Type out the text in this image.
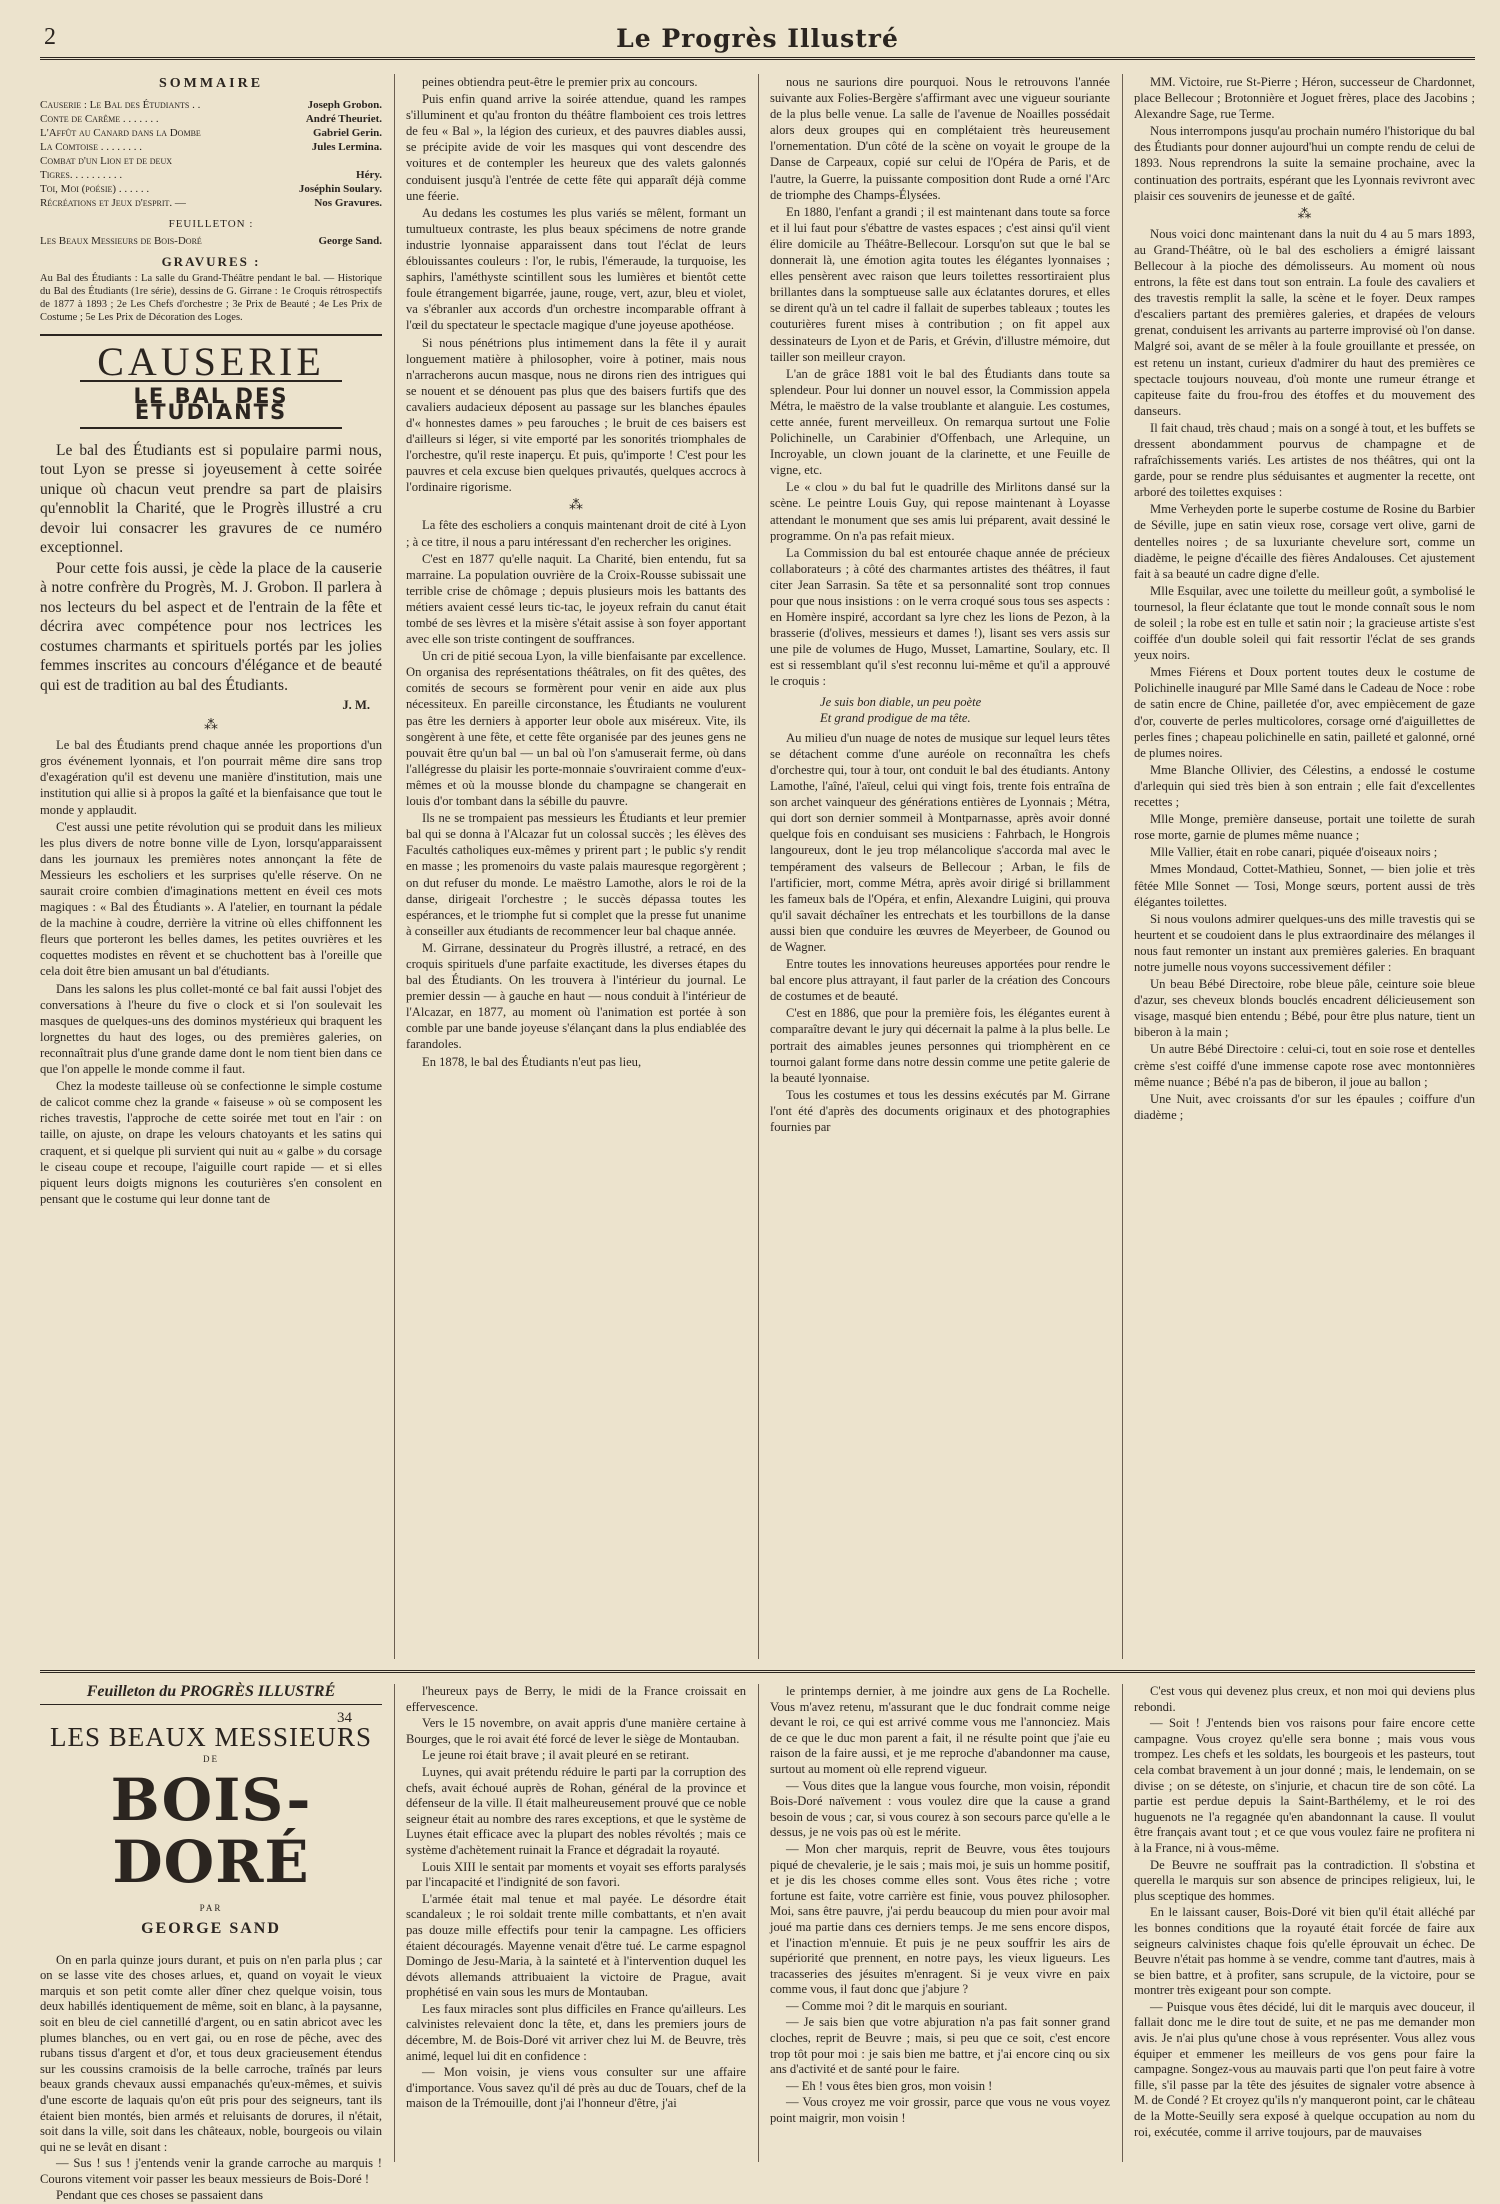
2	Le Progrès Illustré
SOMMAIRE
Causerie : Le Bal des Étudiants . .	Joseph Grobon.
Conte de Carême . . . . . . .	André Theuriet.
L'Affût au Canard dans la Dombe	Gabriel Gerin.
La Comtoise . . . . . . . .	Jules Lermina.
Combat d'un Lion et de deux
Tigres. . . . . . . . . .	Héry.
Toi, Moi (poésie) . . . . . .	Joséphin Soulary.
Récréations et Jeux d'esprit. —	Nos Gravures.
FEUILLETON :
Les Beaux Messieurs de Bois-Doré	George Sand.
GRAVURES :
Au Bal des Étudiants : La salle du Grand-Théâtre pendant le bal. — Historique du Bal des Étudiants (1re série), dessins de G. Girrane : 1e Croquis rétrospectifs de 1877 à 1893 ; 2e Les Chefs d'orchestre ; 3e Prix de Beauté ; 4e Les Prix de Costume ; 5e Les Prix de Décoration des Loges.
CAUSERIE
LE BAL DES ÉTUDIANTS

Le bal des Étudiants est si populaire parmi nous, tout Lyon se presse si joyeusement à cette soirée unique où chacun veut prendre sa part de plaisirs qu'ennoblit la Charité, que le Progrès illustré a cru devoir lui consacrer les gravures de ce numéro exceptionnel.

Pour cette fois aussi, je cède la place de la causerie à notre confrère du Progrès, M. J. Grobon. Il parlera à nos lecteurs du bel aspect et de l'entrain de la fête et décrira avec compétence pour nos lectrices les costumes charmants et spirituels portés par les jolies femmes inscrites au concours d'élégance et de beauté qui est de tradition au bal des Étudiants.

J. M.
⁂

Le bal des Étudiants prend chaque année les proportions d'un gros événement lyonnais, et l'on pourrait même dire sans trop d'exagération qu'il est devenu une manière d'institution, mais une institution qui allie si à propos la gaîté et la bienfaisance que tout le monde y applaudit.

C'est aussi une petite révolution qui se produit dans les milieux les plus divers de notre bonne ville de Lyon, lorsqu'apparaissent dans les journaux les premières notes annonçant la fête de Messieurs les escholiers et les surprises qu'elle réserve. On ne saurait croire combien d'imaginations mettent en éveil ces mots magiques : « Bal des Étudiants ». A l'atelier, en tournant la pédale de la machine à coudre, derrière la vitrine où elles chiffonnent les fleurs que porteront les belles dames, les petites ouvrières et les coquettes modistes en rêvent et se chuchottent bas à l'oreille que cela doit être bien amusant un bal d'étudiants.

Dans les salons les plus collet-monté ce bal fait aussi l'objet des conversations à l'heure du five o clock et si l'on soulevait les masques de quelques-uns des dominos mystérieux qui braquent les lorgnettes du haut des loges, ou des premières galeries, on reconnaîtrait plus d'une grande dame dont le nom tient bien dans ce que l'on appelle le monde comme il faut.

Chez la modeste tailleuse où se confectionne le simple costume de calicot comme chez la grande « faiseuse » où se composent les riches travestis, l'approche de cette soirée met tout en l'air : on taille, on ajuste, on drape les velours chatoyants et les satins qui craquent, et si quelque pli survient qui nuit au « galbe » du corsage le ciseau coupe et recoupe, l'aiguille court rapide — et si elles piquent leurs doigts mignons les couturières s'en consolent en pensant que le costume qui leur donne tant de

peines obtiendra peut-être le premier prix au concours.

Puis enfin quand arrive la soirée attendue, quand les rampes s'illuminent et qu'au fronton du théâtre flamboient ces trois lettres de feu « Bal », la légion des curieux, et des pauvres diables aussi, se précipite avide de voir les masques qui vont descendre des voitures et de contempler les heureux que des valets galonnés conduisent jusqu'à l'entrée de cette fête qui apparaît déjà comme une féerie.

Au dedans les costumes les plus variés se mêlent, formant un tumultueux contraste, les plus beaux spécimens de notre grande industrie lyonnaise apparaissent dans tout l'éclat de leurs éblouissantes couleurs : l'or, le rubis, l'émeraude, la turquoise, les saphirs, l'améthyste scintillent sous les lumières et bientôt cette foule étrangement bigarrée, jaune, rouge, vert, azur, bleu et violet, va s'ébranler aux accords d'un orchestre incomparable offrant à l'œil du spectateur le spectacle magique d'une joyeuse apothéose.

Si nous pénétrions plus intimement dans la fête il y aurait longuement matière à philosopher, voire à potiner, mais nous n'arracherons aucun masque, nous ne dirons rien des intrigues qui se nouent et se dénouent pas plus que des baisers furtifs que des cavaliers audacieux déposent au passage sur les blanches épaules d'« honnestes dames » peu farouches ; le bruit de ces baisers est d'ailleurs si léger, si vite emporté par les sonorités triomphales de l'orchestre, qu'il reste inaperçu. Et puis, qu'importe ! C'est pour les pauvres et cela excuse bien quelques privautés, quelques accrocs à l'ordinaire rigorisme.

⁂

La fête des escholiers a conquis maintenant droit de cité à Lyon ; à ce titre, il nous a paru intéressant d'en rechercher les origines.

C'est en 1877 qu'elle naquit. La Charité, bien entendu, fut sa marraine. La population ouvrière de la Croix-Rousse subissait une terrible crise de chômage ; depuis plusieurs mois les battants des métiers avaient cessé leurs tic-tac, le joyeux refrain du canut était tombé de ses lèvres et la misère s'était assise à son foyer apportant avec elle son triste contingent de souffrances.

Un cri de pitié secoua Lyon, la ville bienfaisante par excellence. On organisa des représentations théâtrales, on fit des quêtes, des comités de secours se formèrent pour venir en aide aux plus nécessiteux. En pareille circonstance, les Étudiants ne voulurent pas être les derniers à apporter leur obole aux miséreux. Vite, ils songèrent à une fête, et cette fête organisée par des jeunes gens ne pouvait être qu'un bal — un bal où l'on s'amuserait ferme, où dans l'allégresse du plaisir les porte-monnaie s'ouvriraient comme d'eux-mêmes et où la mousse blonde du champagne se changerait en louis d'or tombant dans la sébille du pauvre.

Ils ne se trompaient pas messieurs les Étudiants et leur premier bal qui se donna à l'Alcazar fut un colossal succès ; les élèves des Facultés catholiques eux-mêmes y prirent part ; le public s'y rendit en masse ; les promenoirs du vaste palais mauresque regorgèrent ; on dut refuser du monde. Le maëstro Lamothe, alors le roi de la danse, dirigeait l'orchestre ; le succès dépassa toutes les espérances, et le triomphe fut si complet que la presse fut unanime à conseiller aux étudiants de recommencer leur bal chaque année.

M. Girrane, dessinateur du Progrès illustré, a retracé, en des croquis spirituels d'une parfaite exactitude, les diverses étapes du bal des Étudiants. On les trouvera à l'intérieur du journal. Le premier dessin — à gauche en haut — nous conduit à l'intérieur de l'Alcazar, en 1877, au moment où l'animation est portée à son comble par une bande joyeuse s'élançant dans la plus endiablée des farandoles.

En 1878, le bal des Étudiants n'eut pas lieu,

nous ne saurions dire pourquoi. Nous le retrouvons l'année suivante aux Folies-Bergère s'affirmant avec une vigueur souriante de la plus belle venue. La salle de l'avenue de Noailles possédait alors deux groupes qui en complétaient très heureusement l'ornementation. D'un côté de la scène on voyait le groupe de la Danse de Carpeaux, copié sur celui de l'Opéra de Paris, et de l'autre, la Guerre, la puissante composition dont Rude a orné l'Arc de triomphe des Champs-Élysées.

En 1880, l'enfant a grandi ; il est maintenant dans toute sa force et il lui faut pour s'ébattre de vastes espaces ; c'est ainsi qu'il vient élire domicile au Théâtre-Bellecour. Lorsqu'on sut que le bal se donnerait là, une émotion agita toutes les élégantes lyonnaises ; elles pensèrent avec raison que leurs toilettes ressortiraient plus brillantes dans la somptueuse salle aux éclatantes dorures, et elles se dirent qu'à un tel cadre il fallait de superbes tableaux ; toutes les couturières furent mises à contribution ; on fit appel aux dessinateurs de Lyon et de Paris, et Grévin, d'illustre mémoire, dut tailler son meilleur crayon.

L'an de grâce 1881 voit le bal des Étudiants dans toute sa splendeur. Pour lui donner un nouvel essor, la Commission appela Métra, le maëstro de la valse troublante et alanguie. Les costumes, cette année, furent merveilleux. On remarqua surtout une Folie Polichinelle, un Carabinier d'Offenbach, une Arlequine, un Incroyable, un clown jouant de la clarinette, et une Feuille de vigne, etc.

Le « clou » du bal fut le quadrille des Mirlitons dansé sur la scène. Le peintre Louis Guy, qui repose maintenant à Loyasse attendant le monument que ses amis lui préparent, avait dessiné le programme. On n'a pas refait mieux.

La Commission du bal est entourée chaque année de précieux collaborateurs ; à côté des charmantes artistes des théâtres, il faut citer Jean Sarrasin. Sa tête et sa personnalité sont trop connues pour que nous insistions : on le verra croqué sous tous ses aspects : en Homère inspiré, accordant sa lyre chez les lions de Pezon, à la brasserie (d'olives, messieurs et dames !), lisant ses vers assis sur une pile de volumes de Hugo, Musset, Lamartine, Soulary, etc. Il est si ressemblant qu'il s'est reconnu lui-même et qu'il a approuvé le croquis :

Je suis bon diable, un peu poète
Et grand prodigue de ma tête.

Au milieu d'un nuage de notes de musique sur lequel leurs têtes se détachent comme d'une auréole on reconnaîtra les chefs d'orchestre qui, tour à tour, ont conduit le bal des étudiants. Antony Lamothe, l'aîné, l'aïeul, celui qui vingt fois, trente fois entraîna de son archet vainqueur des générations entières de Lyonnais ; Métra, qui dort son dernier sommeil à Montparnasse, après avoir donné quelque fois en conduisant ses musiciens : Fahrbach, le Hongrois langoureux, dont le jeu trop mélancolique s'accorda mal avec le tempérament des valseurs de Bellecour ; Arban, le fils de l'artificier, mort, comme Métra, après avoir dirigé si brillamment les fameux bals de l'Opéra, et enfin, Alexandre Luigini, qui prouva qu'il savait déchaîner les entrechats et les tourbillons de la danse aussi bien que conduire les œuvres de Meyerbeer, de Gounod ou de Wagner.

Entre toutes les innovations heureuses apportées pour rendre le bal encore plus attrayant, il faut parler de la création des Concours de costumes et de beauté.

C'est en 1886, que pour la première fois, les élégantes eurent à comparaître devant le jury qui décernait la palme à la plus belle. Le portrait des aimables jeunes personnes qui triomphèrent en ce tournoi galant forme dans notre dessin comme une petite galerie de la beauté lyonnaise.

Tous les costumes et tous les dessins exécutés par M. Girrane l'ont été d'après des documents originaux et des photographies fournies par

MM. Victoire, rue St-Pierre ; Héron, successeur de Chardonnet, place Bellecour ; Brotonnière et Joguet frères, place des Jacobins ; Alexandre Sage, rue Terme.

Nous interrompons jusqu'au prochain numéro l'historique du bal des Étudiants pour donner aujourd'hui un compte rendu de celui de 1893. Nous reprendrons la suite la semaine prochaine, avec la continuation des portraits, espérant que les Lyonnais revivront avec plaisir ces souvenirs de jeunesse et de gaîté.

⁂

Nous voici donc maintenant dans la nuit du 4 au 5 mars 1893, au Grand-Théâtre, où le bal des escholiers a émigré laissant Bellecour à la pioche des démolisseurs. Au moment où nous entrons, la fête est dans tout son entrain. La foule des cavaliers et des travestis remplit la salle, la scène et le foyer. Deux rampes d'escaliers partant des premières galeries, et drapées de velours grenat, conduisent les arrivants au parterre improvisé où l'on danse. Malgré soi, avant de se mêler à la foule grouillante et pressée, on est retenu un instant, curieux d'admirer du haut des premières ce spectacle toujours nouveau, d'où monte une rumeur étrange et capiteuse faite du frou-frou des étoffes et du mouvement des danseurs.

Il fait chaud, très chaud ; mais on a songé à tout, et les buffets se dressent abondamment pourvus de champagne et de rafraîchissements variés. Les artistes de nos théâtres, qui ont la garde, pour se rendre plus séduisantes et augmenter la recette, ont arboré des toilettes exquises :

Mme Verheyden porte le superbe costume de Rosine du Barbier de Séville, jupe en satin vieux rose, corsage vert olive, garni de dentelles noires ; de sa luxuriante chevelure sort, comme un diadème, le peigne d'écaille des fières Andalouses. Cet ajustement fait à sa beauté un cadre digne d'elle.

Mlle Esquilar, avec une toilette du meilleur goût, a symbolisé le tournesol, la fleur éclatante que tout le monde connaît sous le nom de soleil ; la robe est en tulle et satin noir ; la gracieuse artiste s'est coiffée d'un double soleil qui fait ressortir l'éclat de ses grands yeux noirs.

Mmes Fiérens et Doux portent toutes deux le costume de Polichinelle inauguré par Mlle Samé dans le Cadeau de Noce : robe de satin encre de Chine, pailletée d'or, avec empiècement de gaze d'or, couverte de perles multicolores, corsage orné d'aiguillettes de perles fines ; chapeau polichinelle en satin, pailleté et galonné, orné de plumes noires.

Mme Blanche Ollivier, des Célestins, a endossé le costume d'arlequin qui sied très bien à son entrain ; elle fait d'excellentes recettes ;

Mlle Monge, première danseuse, portait une toilette de surah rose morte, garnie de plumes même nuance ;

Mlle Vallier, était en robe canari, piquée d'oiseaux noirs ;

Mmes Mondaud, Cottet-Mathieu, Sonnet, — bien jolie et très fêtée Mlle Sonnet — Tosi, Monge sœurs, portent aussi de très élégantes toilettes.

Si nous voulons admirer quelques-uns des mille travestis qui se heurtent et se coudoient dans le plus extraordinaire des mélanges il nous faut remonter un instant aux premières galeries. En braquant notre jumelle nous voyons successivement défiler :

Un beau Bébé Directoire, robe bleue pâle, ceinture soie bleue d'azur, ses cheveux blonds bouclés encadrent délicieusement son visage, masqué bien entendu ; Bébé, pour être plus nature, tient un biberon à la main ;

Un autre Bébé Directoire : celui-ci, tout en soie rose et dentelles crème s'est coiffé d'une immense capote rose avec montonnières même nuance ; Bébé n'a pas de biberon, il joue au ballon ;

Une Nuit, avec croissants d'or sur les épaules ; coiffure d'un diadème ;

Feuilleton du PROGRÈS ILLUSTRÉ
34
LES BEAUX MESSIEURS
DE
BOIS-DORÉ
PAR
GEORGE SAND

On en parla quinze jours durant, et puis on n'en parla plus ; car on se lasse vite des choses arlues, et, quand on voyait le vieux marquis et son petit comte aller dîner chez quelque voisin, tous deux habillés identiquement de même, soit en blanc, à la paysanne, soit en bleu de ciel cannetillé d'argent, ou en satin abricot avec les plumes blanches, ou en vert gai, ou en rose de pêche, avec des rubans tissus d'argent et d'or, et tous deux gracieusement étendus sur les coussins cramoisis de la belle carroche, traînés par leurs beaux grands chevaux aussi empanachés qu'eux-mêmes, et suivis d'une escorte de laquais qu'on eût pris pour des seigneurs, tant ils étaient bien montés, bien armés et reluisants de dorures, il n'était, soit dans la ville, soit dans les châteaux, noble, bourgeois ou vilain qui ne se levât en disant :

— Sus ! sus ! j'entends venir la grande carroche au marquis ! Courons vitement voir passer les beaux messieurs de Bois-Doré !

Pendant que ces choses se passaient dans

l'heureux pays de Berry, le midi de la France croissait en effervescence.

Vers le 15 novembre, on avait appris d'une manière certaine à Bourges, que le roi avait été forcé de lever le siège de Montauban.

Le jeune roi était brave ; il avait pleuré en se retirant.

Luynes, qui avait prétendu réduire le parti par la corruption des chefs, avait échoué auprès de Rohan, général de la province et défenseur de la ville. Il était malheureusement prouvé que ce noble seigneur était au nombre des rares exceptions, et que le système de Luynes était efficace avec la plupart des nobles révoltés ; mais ce système d'achètement ruinait la France et dégradait la royauté.

Louis XIII le sentait par moments et voyait ses efforts paralysés par l'incapacité et l'indignité de son favori.

L'armée était mal tenue et mal payée. Le désordre était scandaleux ; le roi soldait trente mille combattants, et n'en avait pas douze mille effectifs pour tenir la campagne. Les officiers étaient découragés. Mayenne venait d'être tué. Le carme espagnol Domingo de Jesu-Maria, à la sainteté et à l'intervention duquel les dévots allemands attribuaient la victoire de Prague, avait prophétisé en vain sous les murs de Montauban.

Les faux miracles sont plus difficiles en France qu'ailleurs. Les calvinistes relevaient donc la tête, et, dans les premiers jours de décembre, M. de Bois-Doré vit arriver chez lui M. de Beuvre, très animé, lequel lui dit en confidence :

— Mon voisin, je viens vous consulter sur une affaire d'importance. Vous savez qu'il dé près au duc de Touars, chef de la maison de la Trémouille, dont j'ai l'honneur d'être, j'ai

le printemps dernier, à me joindre aux gens de La Rochelle. Vous m'avez retenu, m'assurant que le duc fondrait comme neige devant le roi, ce qui est arrivé comme vous me l'annonciez. Mais de ce que le duc mon parent a fait, il ne résulte point que j'aie eu raison de la faire aussi, et je me reproche d'abandonner ma cause, surtout au moment où elle reprend vigueur.

— Vous dites que la langue vous fourche, mon voisin, répondit Bois-Doré naïvement : vous voulez dire que la cause a grand besoin de vous ; car, si vous courez à son secours parce qu'elle a le dessus, je ne vois pas où est le mérite.

— Mon cher marquis, reprit de Beuvre, vous êtes toujours piqué de chevalerie, je le sais ; mais moi, je suis un homme positif, et je dis les choses comme elles sont. Vous êtes riche ; votre fortune est faite, votre carrière est finie, vous pouvez philosopher. Moi, sans être pauvre, j'ai perdu beaucoup du mien pour avoir mal joué ma partie dans ces derniers temps. Je me sens encore dispos, et l'inaction m'ennuie. Et puis je ne peux souffrir les airs de supériorité que prennent, en notre pays, les vieux ligueurs. Les tracasseries des jésuites m'enragent. Si je veux vivre en paix comme vous, il faut donc que j'abjure ?

— Comme moi ? dit le marquis en souriant.

— Je sais bien que votre abjuration n'a pas fait sonner grand cloches, reprit de Beuvre ; mais, si peu que ce soit, c'est encore trop tôt pour moi : je sais bien me battre, et j'ai encore cinq ou six ans d'activité et de santé pour le faire.

— Eh ! vous êtes bien gros, mon voisin !

— Vous croyez me voir grossir, parce que vous ne vous voyez point maigrir, mon voisin !

C'est vous qui devenez plus creux, et non moi qui deviens plus rebondi.

— Soit ! J'entends bien vos raisons pour faire encore cette campagne. Vous croyez qu'elle sera bonne ; mais vous vous trompez. Les chefs et les soldats, les bourgeois et les pasteurs, tout cela combat bravement à un jour donné ; mais, le lendemain, on se divise ; on se déteste, on s'injurie, et chacun tire de son côté. La partie est perdue depuis la Saint-Barthélemy, et le roi des huguenots ne l'a regagnée qu'en abandonnant la cause. Il voulut être français avant tout ; et ce que vous voulez faire ne profitera ni à la France, ni à vous-même.

De Beuvre ne souffrait pas la contradiction. Il s'obstina et querella le marquis sur son absence de principes religieux, lui, le plus sceptique des hommes.

En le laissant causer, Bois-Doré vit bien qu'il était alléché par les bonnes conditions que la royauté était forcée de faire aux seigneurs calvinistes chaque fois qu'elle éprouvait un échec. De Beuvre n'était pas homme à se vendre, comme tant d'autres, mais à se bien battre, et à profiter, sans scrupule, de la victoire, pour se montrer très exigeant pour son compte.

— Puisque vous êtes décidé, lui dit le marquis avec douceur, il fallait donc me le dire tout de suite, et ne pas me demander mon avis. Je n'ai plus qu'une chose à vous représenter. Vous allez vous équiper et emmener les meilleurs de vos gens pour faire la campagne. Songez-vous au mauvais parti que l'on peut faire à votre fille, s'il passe par la tête des jésuites de signaler votre absence à M. de Condé ? Et croyez qu'ils n'y manqueront point, car le château de la Motte-Seuilly sera exposé à quelque occupation au nom du roi, exécutée, comme il arrive toujours, par de mauvaises
